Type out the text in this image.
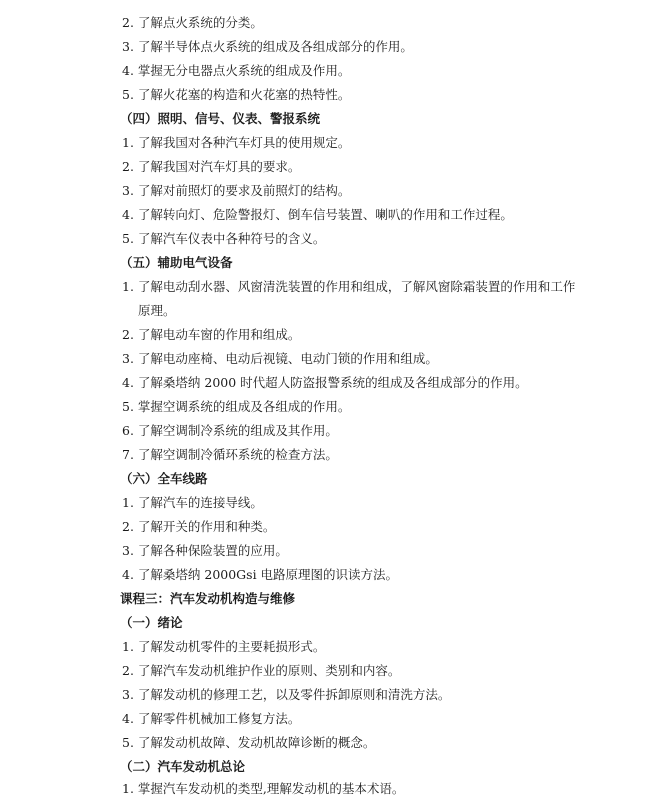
2. 了解点火系统的分类。
3. 了解半导体点火系统的组成及各组成部分的作用。
4. 掌握无分电器点火系统的组成及作用。
5. 了解火花塞的构造和火花塞的热特性。
（四）照明、信号、仪表、警报系统
1. 了解我国对各种汽车灯具的使用规定。
2. 了解我国对汽车灯具的要求。
3. 了解对前照灯的要求及前照灯的结构。
4. 了解转向灯、危险警报灯、倒车信号装置、喇叭的作用和工作过程。
5. 了解汽车仪表中各种符号的含义。
（五）辅助电气设备
1. 了解电动刮水器、风窗清洗装置的作用和组成，了解风窗除霜装置的作用和工作
原理。
2. 了解电动车窗的作用和组成。
3. 了解电动座椅、电动后视镜、电动门锁的作用和组成。
4. 了解桑塔纳 2000 时代超人防盗报警系统的组成及各组成部分的作用。
5. 掌握空调系统的组成及各组成的作用。
6. 了解空调制冷系统的组成及其作用。
7. 了解空调制冷循环系统的检查方法。
（六）全车线路
1. 了解汽车的连接导线。
2. 了解开关的作用和种类。
3. 了解各种保险装置的应用。
4. 了解桑塔纳 2000Gsi 电路原理图的识读方法。
课程三：汽车发动机构造与维修
（一）绪论
1. 了解发动机零件的主要耗损形式。
2. 了解汽车发动机维护作业的原则、类别和内容。
3. 了解发动机的修理工艺，以及零件拆卸原则和清洗方法。
4. 了解零件机械加工修复方法。
5. 了解发动机故障、发动机故障诊断的概念。
（二）汽车发动机总论
1. 掌握汽车发动机的类型,理解发动机的基本术语。
